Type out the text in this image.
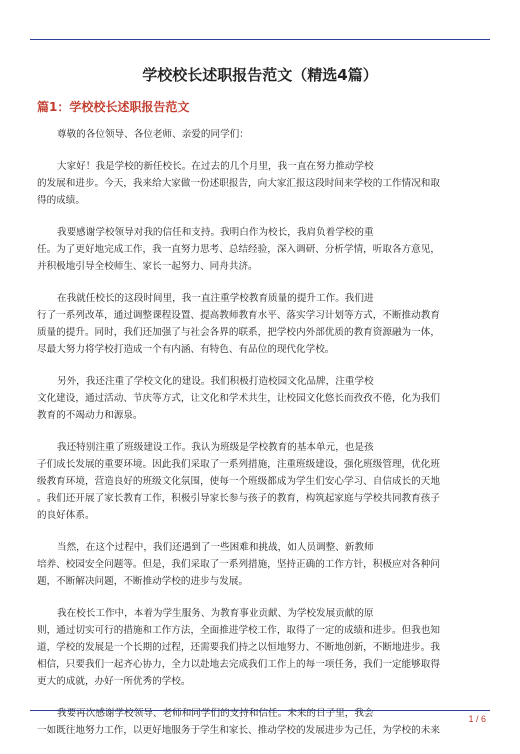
学校校长述职报告范文（精选4篇）
篇1：学校校长述职报告范文

尊敬的各位领导、各位老师、亲爱的同学们：

大家好！我是学校的新任校长。在过去的几个月里，我一直在努力推动学校
的发展和进步。今天，我来给大家做一份述职报告，向大家汇报这段时间来学校的工作情况和取
得的成绩。

我要感谢学校领导对我的信任和支持。我明白作为校长，我肩负着学校的重
任。为了更好地完成工作，我一直努力思考、总结经验，深入调研、分析学情，听取各方意见，
并积极地引导全校师生、家长一起努力、同舟共济。

在我就任校长的这段时间里，我一直注重学校教育质量的提升工作。我们进
行了一系列改革，通过调整课程设置、提高教师教育水平、落实学习计划等方式，不断推动教育
质量的提升。同时，我们还加强了与社会各界的联系，把学校内外部优质的教育资源融为一体，
尽最大努力将学校打造成一个有内涵、有特色、有品位的现代化学校。

另外，我还注重了学校文化的建设。我们积极打造校园文化品牌，注重学校
文化建设，通过活动、节庆等方式，让文化和学术共生，让校园文化悠长而孜孜不倦，化为我们
教育的不竭动力和源泉。

我还特别注重了班级建设工作。我认为班级是学校教育的基本单元，也是孩
子们成长发展的重要环境。因此我们采取了一系列措施，注重班级建设，强化班级管理，优化班
级教育环境，营造良好的班级文化氛围，使每一个班级都成为学生们安心学习、自信成长的天地
。我们还开展了家长教育工作，积极引导家长参与孩子的教育，构筑起家庭与学校共同教育孩子
的良好体系。

当然，在这个过程中，我们还遇到了一些困难和挑战，如人员调整、新教师
培养、校园安全问题等。但是，我们采取了一系列措施，坚持正确的工作方针，积极应对各种问
题，不断解决问题，不断推动学校的进步与发展。

我在校长工作中，本着为学生服务、为教育事业贡献、为学校发展贡献的原
则，通过切实可行的措施和工作方法，全面推进学校工作，取得了一定的成绩和进步。但我也知
道，学校的发展是一个长期的过程，还需要我们持之以恒地努力、不断地创新，不断地进步。我
相信，只要我们一起齐心协力，全力以赴地去完成我们工作上的每一项任务，我们一定能够取得
更大的成就，办好一所优秀的学校。

我要再次感谢学校领导、老师和同学们的支持和信任。未来的日子里，我会
一如既往地努力工作，以更好地服务于学生和家长、推动学校的发展进步为己任，为学校的未来

1 / 6
